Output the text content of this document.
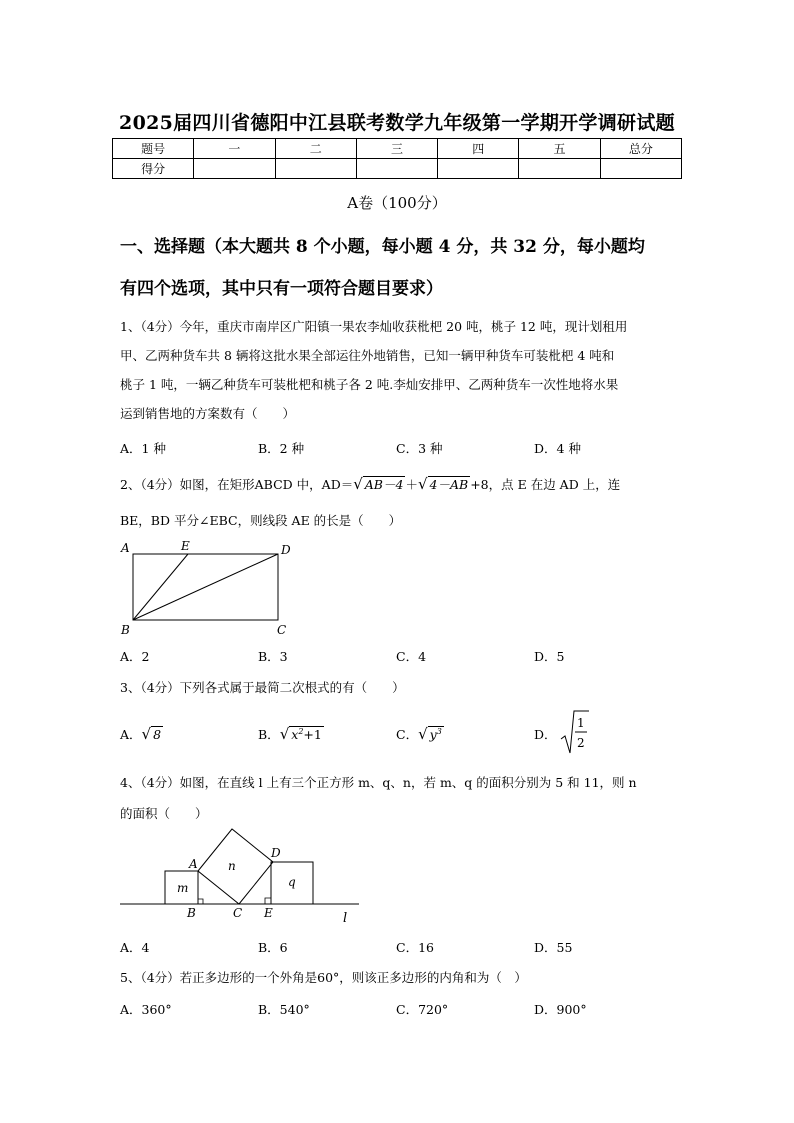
2025届四川省德阳中江县联考数学九年级第一学期开学调研试题
题号	一	二	三	四	五	总分
得分						
A卷（100分）
一、选择题（本大题共 8 个小题，每小题 4 分，共 32 分，每小题均
有四个选项，其中只有一项符合题目要求）
1、（4分）今年，重庆市南岸区广阳镇一果农李灿收获枇杷 20 吨，桃子 12 吨，现计划租用
甲、乙两种货车共 8 辆将这批水果全部运往外地销售，已知一辆甲种货车可装枇杷 4 吨和
桃子 1 吨，一辆乙种货车可装枇杷和桃子各 2 吨.李灿安排甲、乙两种货车一次性地将水果
运到销售地的方案数有（　　）
A．1 种	B．2 种	C．3 种	D．4 种
2、（4分）如图，在矩形ABCD 中，AD＝√ AB－4 ＋√ 4－AB +8，点 E 在边 AD 上，连
BE，BD 平分∠EBC，则线段 AE 的长是（　　）
A	E	D
B	C
A．2	B．3	C．4	D．5
3、（4分）下列各式属于最简二次根式的有（　　）
A．√ 8	B．√ $x^2+1$	C．√ $y^3$	D．
1
2
4、（4分）如图，在直线 l 上有三个正方形 m、q、n，若 m、q 的面积分别为 5 和 11，则 n
的面积（　　）
m
n
q
A
D
B	C E	l
A．4	B．6	C．16	D．55
5、（4分）若正多边形的一个外角是60°，则该正多边形的内角和为（　）
A．360°	B．540°	C．720°	D．900°
